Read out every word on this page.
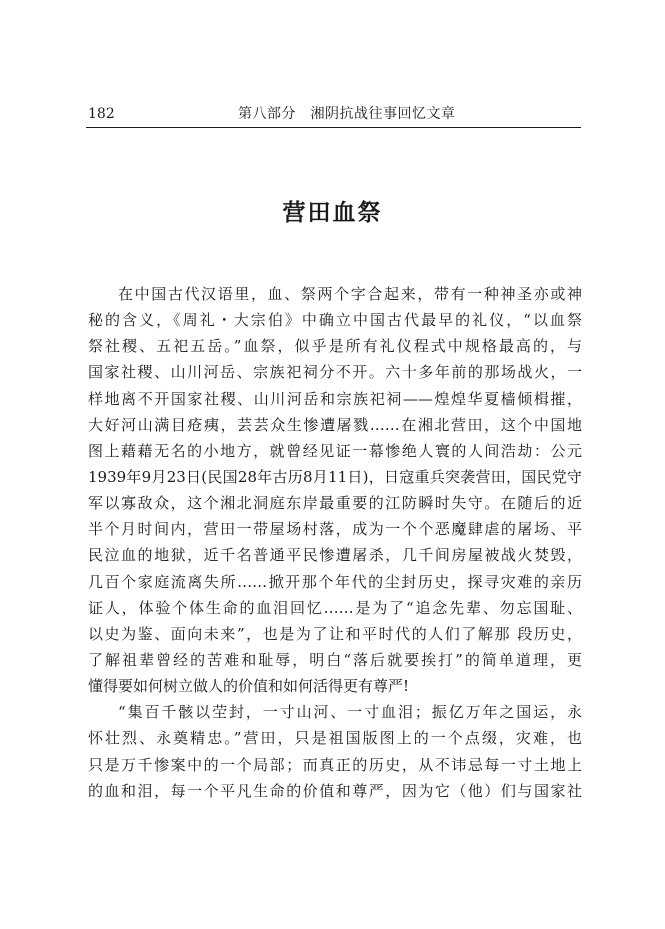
182	第八部分　湘阴抗战往事回忆文章
营田血祭
在中国古代汉语里，血、祭两个字合起来，带有一种神圣亦或神
秘的含义，《周礼・大宗伯》中确立中国古代最早的礼仪，“以血祭
祭社稷、五祀五岳。”血祭，似乎是所有礼仪程式中规格最高的，与
国家社稷、山川河岳、宗族祀祠分不开。六十多年前的那场战火，一
样地离不开国家社稷、山川河岳和宗族祀祠——煌煌华夏樯倾楫摧，
大好河山满目疮痍，芸芸众生惨遭屠戮……在湘北营田，这个中国地
图上藉藉无名的小地方，就曾经见证一幕惨绝人寰的人间浩劫：公元
1939年9月23日(民国28年古历8月11日)，日寇重兵突袭营田，国民党守
军以寡敌众，这个湘北洞庭东岸最重要的江防瞬时失守。在随后的近
半个月时间内，营田一带屋场村落，成为一个个恶魔肆虐的屠场、平
民泣血的地狱，近千名普通平民惨遭屠杀，几千间房屋被战火焚毁，
几百个家庭流离失所……掀开那个年代的尘封历史，探寻灾难的亲历
证人，体验个体生命的血泪回忆……是为了“追念先辈、勿忘国耻、
以史为鉴、面向未来”，也是为了让和平时代的人们了解那 段历史，
了解祖辈曾经的苦难和耻辱，明白“落后就要挨打”的简单道理，更
懂得要如何树立做人的价值和如何活得更有尊严!
“集百千骸以茔封，一寸山河、一寸血泪；振亿万年之国运，永
怀壮烈、永奠精忠。”营田，只是祖国版图上的一个点缀，灾难，也
只是万千惨案中的一个局部；而真正的历史，从不讳忌每一寸土地上
的血和泪，每一个平凡生命的价值和尊严，因为它（他）们与国家社
